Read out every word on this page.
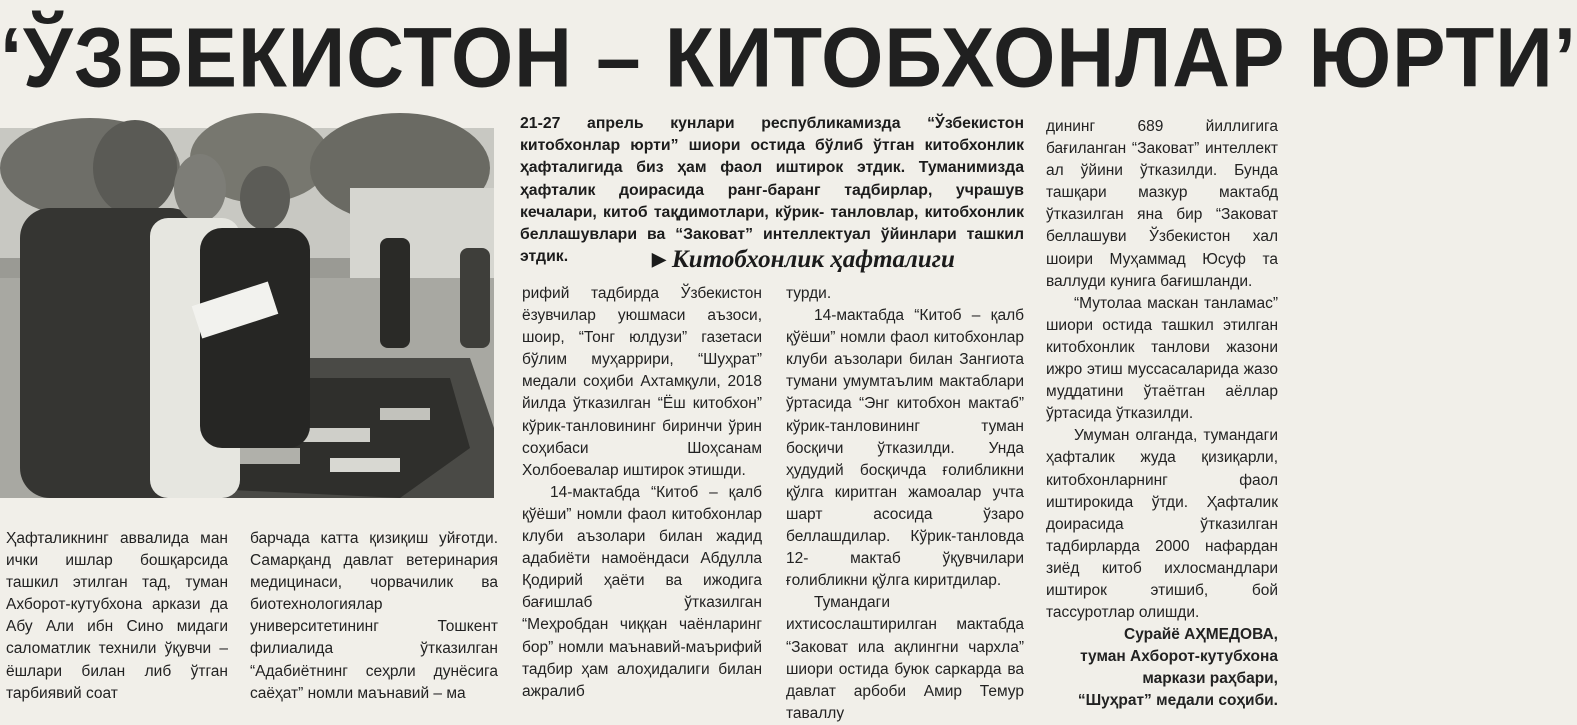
‘ЎЗБЕКИСТОН – КИТОБХОНЛАР ЮРТИ’

Ҳафталикнинг аввалида ман ички ишлар бошқарсида ташкил этилган тад, туман Ахборот-кутубхона аркази да Абу Али ибн Сино мидаги саломатлик технили ўқувчи – ёшлари билан либ ўтган тарбиявий соат

барчада катта қизиқиш уйғотди. Самарқанд давлат ветеринария медицинаси, чорвачилик ва биотехнологиялар университетининг Тошкент филиалида ўтказилган “Адабиётнинг сеҳрли дунёсига саёҳат” номли маънавий – ма

21-27 апрель кунлари республикамизда “Ўзбекистон китобхонлар юрти” шиори остида бўлиб ўтган китобхонлик ҳафталигида биз ҳам фаол иштирок этдик. Туманимизда ҳафталик доирасида ранг-баранг тадбирлар, учрашув кечалари, китоб тақдимотлари, кўрик- танловлар, китобхонлик беллашувлари ва “Заковат” интеллектуал ўйинлари ташкил этдик.	▶ Китобхонлик ҳафталиги

рифий тадбирда Ўзбекистон ёзувчилар уюшмаси аъзоси, шоир, “Тонг юлдузи” газетаси бўлим муҳаррири, “Шуҳрат” медали соҳиби Ахтамқули, 2018 йилда ўтказилган “Ёш китобхон” кўрик-танловининг биринчи ўрин соҳибаси Шоҳсанам Холбоевалар иштирок этишди.

14-мактабда “Китоб – қалб қўёши” номли фаол китобхонлар клуби аъзолари билан жадид адабиёти намоёндаси Абдулла Қодирий ҳаёти ва ижодига бағишлаб ўтказилган “Меҳробдан чиққан чаёнларинг бор” номли маънавий-маърифий тадбир ҳам алоҳидалиги билан ажралиб

турди.

14-мактабда “Китоб – қалб қўёши” номли фаол китобхонлар клуби аъзолари билан Зангиота тумани умумтаълим мактаблари ўртасида “Энг китобхон мактаб” кўрик-танловининг туман босқичи ўтказилди. Унда ҳудудий босқичда ғолибликни қўлга киритган жамоалар учта шарт асосида ўзаро беллашдилар. Кўрик-танловда 12- мактаб ўқувчилари ғолибликни қўлга киритдилар.

Тумандаги ихтисослаштирилган мактабда “Заковат ила ақлингни чархла” шиори остида буюк саркарда ва давлат арбоби Амир Темур таваллу

дининг 689 йиллигига бағиланган “Заковат” интеллект ал ўйини ўтказилди. Бунда ташқари мазкур мактабд ўтказилган яна бир “Заковат беллашуви Ўзбекистон хал шоири Муҳаммад Юсуф та валлуди кунига бағишланди.

“Мутолаа маскан танламас” шиори остида ташкил этилган китобхонлик танлови жазони ижро этиш муссасаларида жазо муддатини ўтаётган аёллар ўртасида ўтказилди.

Умуман олганда, тумандаги ҳафталик жуда қизиқарли, китобхонларнинг фаол иштирокида ўтди. Ҳафталик доирасида ўтказилган тадбирларда 2000 нафардан зиёд китоб ихлосмандлари иштирок этишиб, бой тассуротлар олишди.

Сурайё АҲМЕДОВА,
туман Ахборот-кутубхона
маркази раҳбари,
“Шуҳрат” медали соҳиби.
